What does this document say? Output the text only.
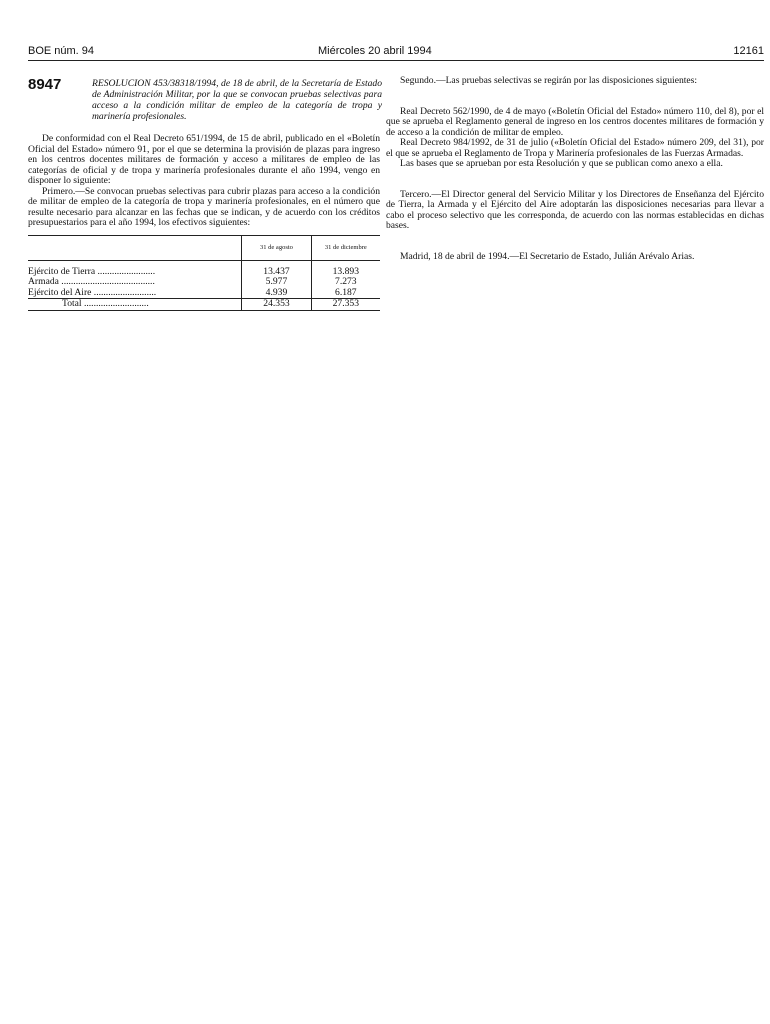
BOE núm. 94	Miércoles 20 abril 1994	12161
8947	RESOLUCION 453/38318/1994, de 18 de abril, de la Secretaría de Estado de Administración Militar, por la que se convocan pruebas selectivas para acceso a la condición militar de empleo de la categoría de tropa y marinería profesionales.

De conformidad con el Real Decreto 651/1994, de 15 de abril, publicado en el «Boletín Oficial del Estado» número 91, por el que se determina la provisión de plazas para ingreso en los centros docentes militares de formación y acceso a militares de empleo de las categorías de oficial y de tropa y marinería profesionales durante el año 1994, vengo en disponer lo siguiente:

Primero.—Se convocan pruebas selectivas para cubrir plazas para acceso a la condición de militar de empleo de la categoría de tropa y marinería profesionales, en el número que resulte necesario para alcanzar en las fechas que se indican, y de acuerdo con los créditos presupuestarios para el año 1994, los efectivos siguientes:

	31 de agosto	31 de diciembre

Ejército de Tierra ........................	13.437	13.893
Armada .......................................	5.977	7.273
Ejército del Aire ..........................	4.939	6.187
Total ...........................	24.353	27.353

Segundo.—Las pruebas selectivas se regirán por las disposiciones siguientes:

Real Decreto 562/1990, de 4 de mayo («Boletín Oficial del Estado» número 110, del 8), por el que se aprueba el Reglamento general de ingreso en los centros docentes militares de formación y de acceso a la condición de militar de empleo.

Real Decreto 984/1992, de 31 de julio («Boletín Oficial del Estado» número 209, del 31), por el que se aprueba el Reglamento de Tropa y Marinería profesionales de las Fuerzas Armadas.

Las bases que se aprueban por esta Resolución y que se publican como anexo a ella.

Tercero.—El Director general del Servicio Militar y los Directores de Enseñanza del Ejército de Tierra, la Armada y el Ejército del Aire adoptarán las disposiciones necesarias para llevar a cabo el proceso selectivo que les corresponda, de acuerdo con las normas establecidas en dichas bases.

Madrid, 18 de abril de 1994.—El Secretario de Estado, Julián Arévalo Arias.
